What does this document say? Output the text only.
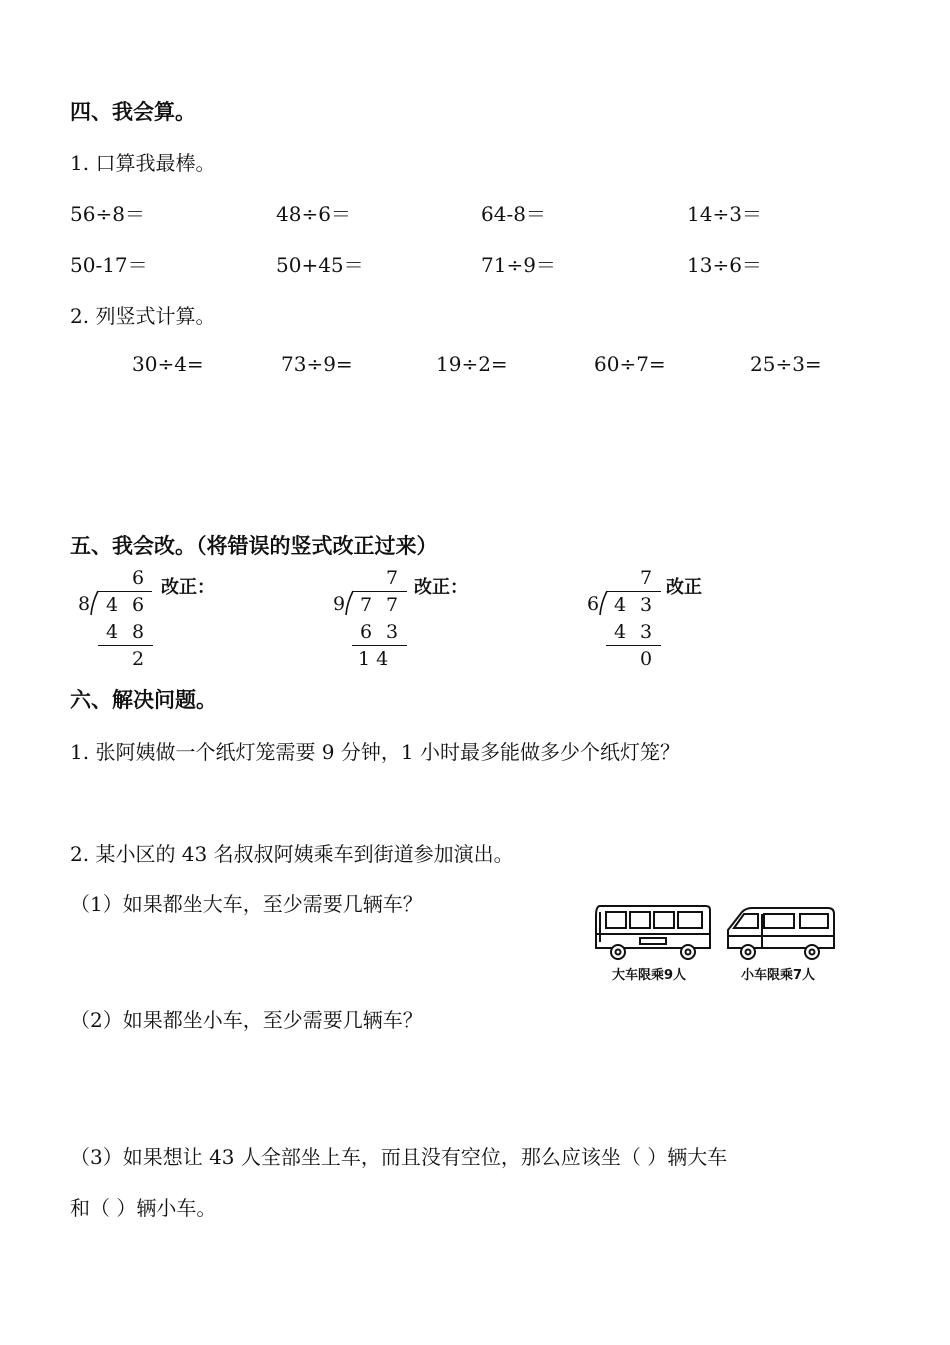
四、我会算。
1. 口算我最棒。
56÷8＝	48÷6＝	64-8＝	14÷3＝
50-17＝	50+45＝	71÷9＝	13÷6＝
2. 列竖式计算。
30÷4=	73÷9=	19÷2=	60÷7=	25÷3=
五、我会改。（将错误的竖式改正过来）
6
8 4 6
4 8
2
改正：	7
9 7 7
6 3
1 4
改正：	7
6 4 3
4 3
0
改正
六、解决问题。
1. 张阿姨做一个纸灯笼需要 9 分钟，1 小时最多能做多少个纸灯笼？
2. 某小区的 43 名叔叔阿姨乘车到街道参加演出。
（1）如果都坐大车，至少需要几辆车？
（2）如果都坐小车，至少需要几辆车？
（3）如果想让 43 人全部坐上车，而且没有空位，那么应该坐（ ）辆大车
和（ ）辆小车。
大车限乘9人	小车限乘7人
